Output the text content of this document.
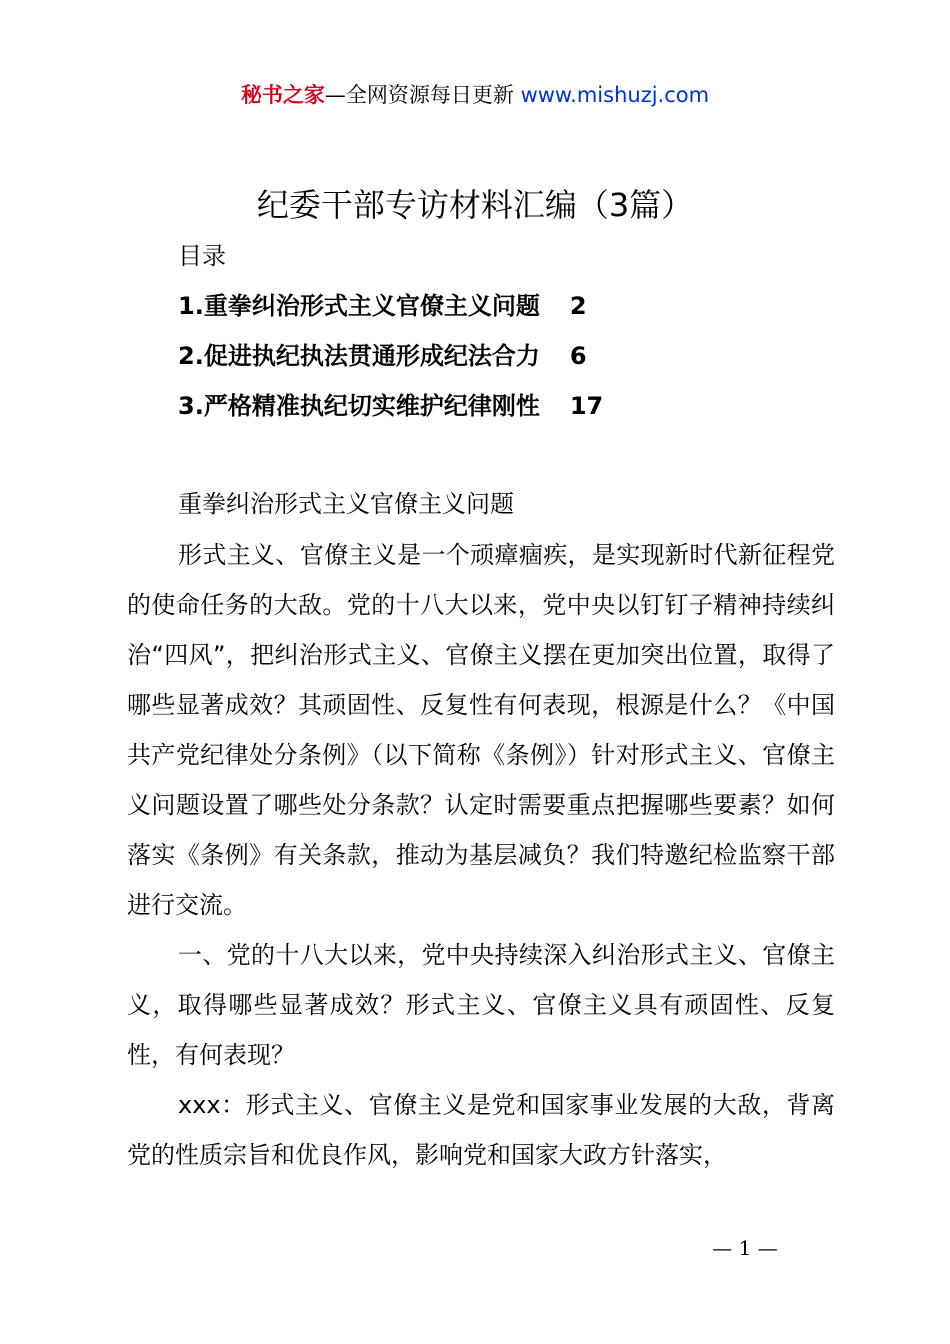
秘书之家—全网资源每日更新 www.mishuzj.com
纪委干部专访材料汇编（3篇）
目录
1.重拳纠治形式主义官僚主义问题 2
2.促进执纪执法贯通形成纪法合力 6
3.严格精准执纪切实维护纪律刚性 17
重拳纠治形式主义官僚主义问题

形式主义、官僚主义是一个顽瘴痼疾，是实现新时代新征程党的使命任务的大敌。党的十八大以来，党中央以钉钉子精神持续纠治“四风”，把纠治形式主义、官僚主义摆在更加突出位置，取得了哪些显著成效？其顽固性、反复性有何表现，根源是什么？《中国共产党纪律处分条例》（以下简称《条例》）针对形式主义、官僚主义问题设置了哪些处分条款？认定时需要重点把握哪些要素？如何落实《条例》有关条款，推动为基层减负？我们特邀纪检监察干部进行交流。

一、党的十八大以来，党中央持续深入纠治形式主义、官僚主义，取得哪些显著成效？形式主义、官僚主义具有顽固性、反复性，有何表现？

xxx：形式主义、官僚主义是党和国家事业发展的大敌，背离党的性质宗旨和优良作风，影响党和国家大政方针落实，

— 1 —
